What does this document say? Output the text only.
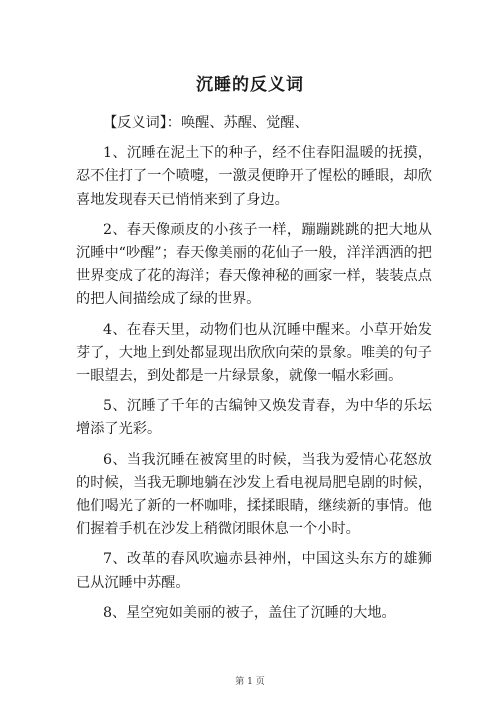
沉睡的反义词

【反义词】：唤醒、苏醒、觉醒、

1、沉睡在泥土下的种子，经不住春阳温暖的抚摸，忍不住打了一个喷嚏，一激灵便睁开了惺松的睡眼，却欣喜地发现春天已悄悄来到了身边。

2、春天像顽皮的小孩子一样，蹦蹦跳跳的把大地从沉睡中“吵醒”；春天像美丽的花仙子一般，洋洋洒洒的把世界变成了花的海洋；春天像神秘的画家一样，装装点点的把人间描绘成了绿的世界。

4、在春天里，动物们也从沉睡中醒来。小草开始发芽了，大地上到处都显现出欣欣向荣的景象。唯美的句子一眼望去，到处都是一片绿景象，就像一幅水彩画。

5、沉睡了千年的古编钟又焕发青春，为中华的乐坛增添了光彩。

6、当我沉睡在被窝里的时候，当我为爱情心花怒放的时候，当我无聊地躺在沙发上看电视局肥皂剧的时候，他们喝光了新的一杯咖啡，揉揉眼睛，继续新的事情。他们握着手机在沙发上稍微闭眼休息一个小时。

7、改革的春风吹遍赤县神州，中国这头东方的雄狮已从沉睡中苏醒。

8、星空宛如美丽的被子，盖住了沉睡的大地。

第 1 页
